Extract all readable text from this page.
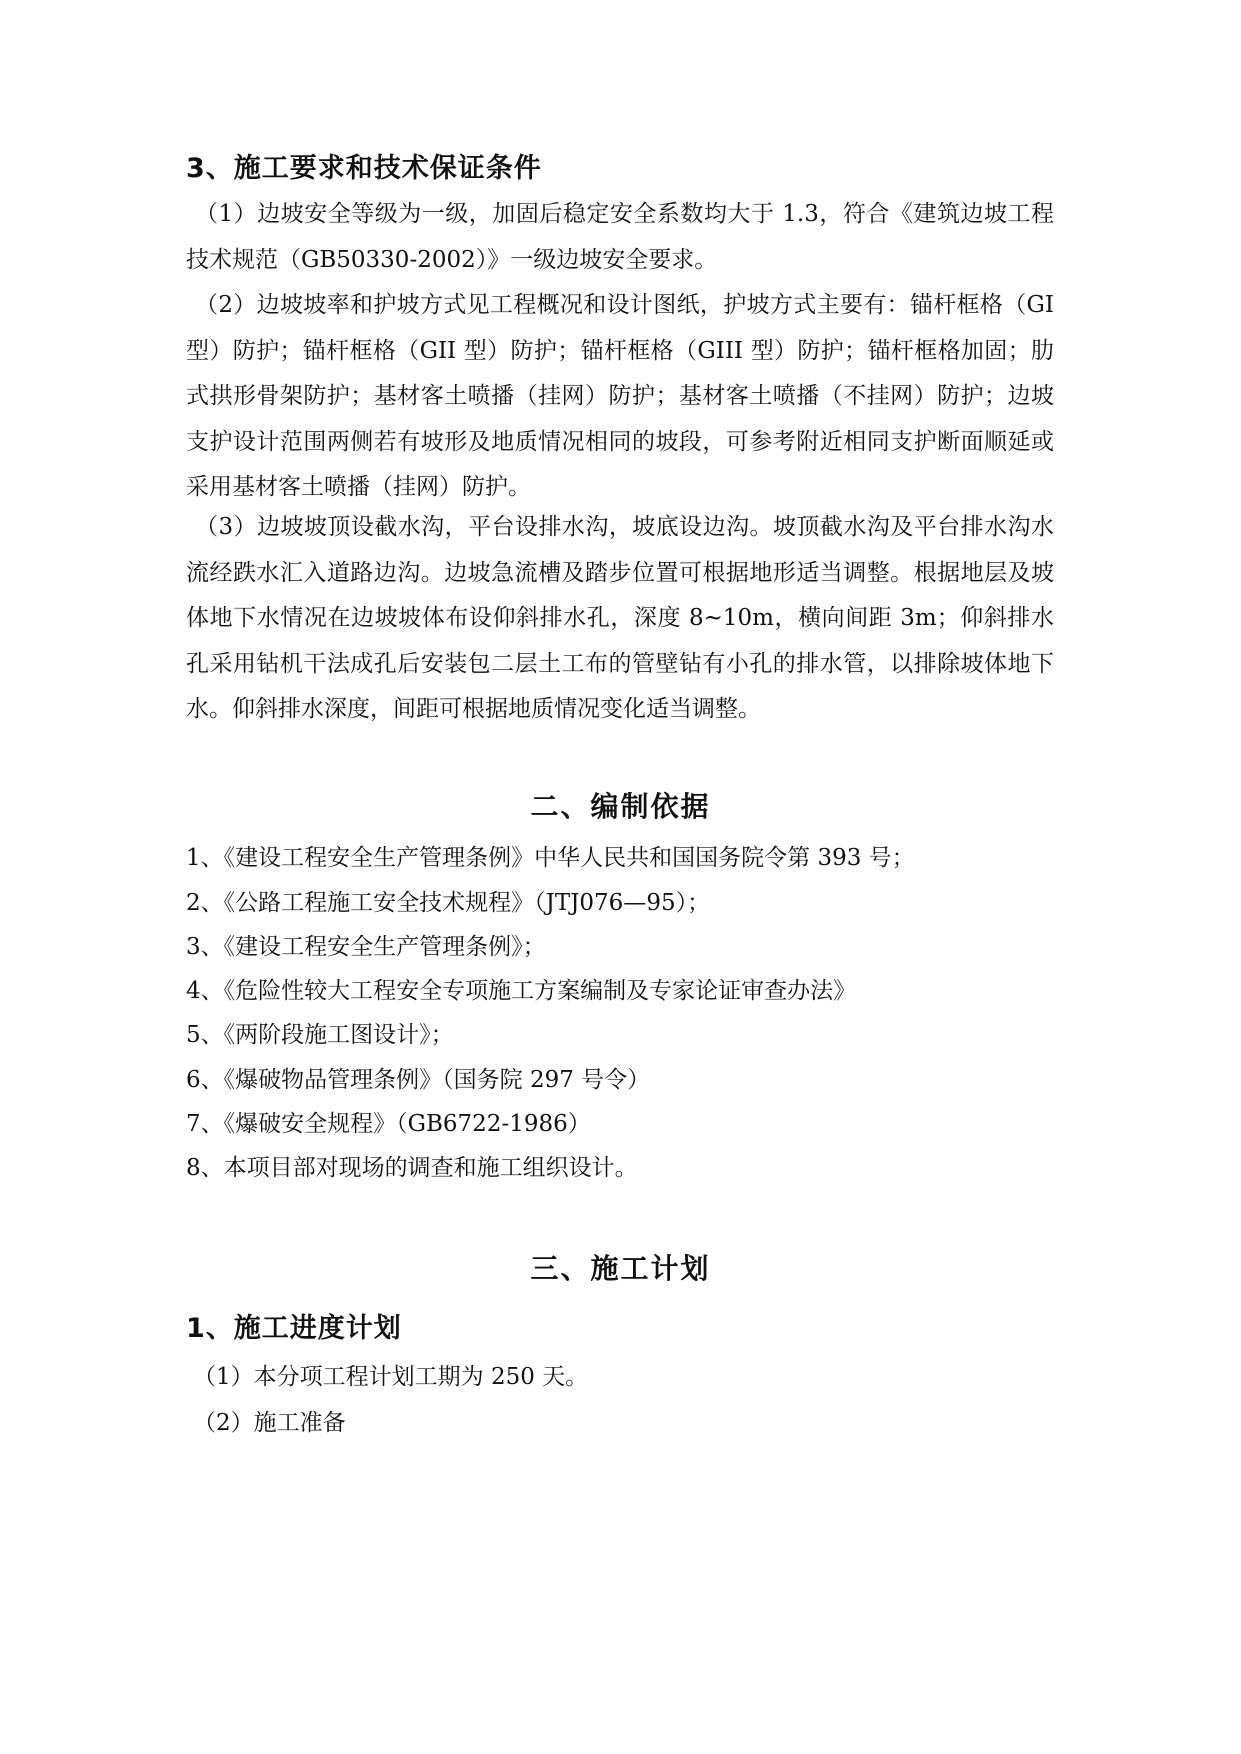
3、施工要求和技术保证条件
（1）边坡安全等级为一级，加固后稳定安全系数均大于 1.3，符合《建筑边坡工程技术规范（GB50330-2002）》一级边坡安全要求。
（2）边坡坡率和护坡方式见工程概况和设计图纸，护坡方式主要有：锚杆框格（GI 型）防护；锚杆框格（GII 型）防护；锚杆框格（GIII 型）防护；锚杆框格加固；肋式拱形骨架防护；基材客土喷播（挂网）防护；基材客土喷播（不挂网）防护；边坡支护设计范围两侧若有坡形及地质情况相同的坡段，可参考附近相同支护断面顺延或采用基材客土喷播（挂网）防护。
（3）边坡坡顶设截水沟，平台设排水沟，坡底设边沟。坡顶截水沟及平台排水沟水流经跌水汇入道路边沟。边坡急流槽及踏步位置可根据地形适当调整。根据地层及坡体地下水情况在边坡坡体布设仰斜排水孔，深度 8~10m，横向间距 3m；仰斜排水孔采用钻机干法成孔后安装包二层土工布的管壁钻有小孔的排水管，以排除坡体地下水。仰斜排水深度，间距可根据地质情况变化适当调整。
二、编制依据
1、《建设工程安全生产管理条例》中华人民共和国国务院令第 393 号；
2、《公路工程施工安全技术规程》（JTJ076—95）；
3、《建设工程安全生产管理条例》；
4、《危险性较大工程安全专项施工方案编制及专家论证审查办法》
5、《两阶段施工图设计》；
6、《爆破物品管理条例》（国务院 297 号令）
7、《爆破安全规程》（GB6722-1986）
8、本项目部对现场的调查和施工组织设计。
三、施工计划
1、施工进度计划
（1）本分项工程计划工期为 250 天。
（2）施工准备
